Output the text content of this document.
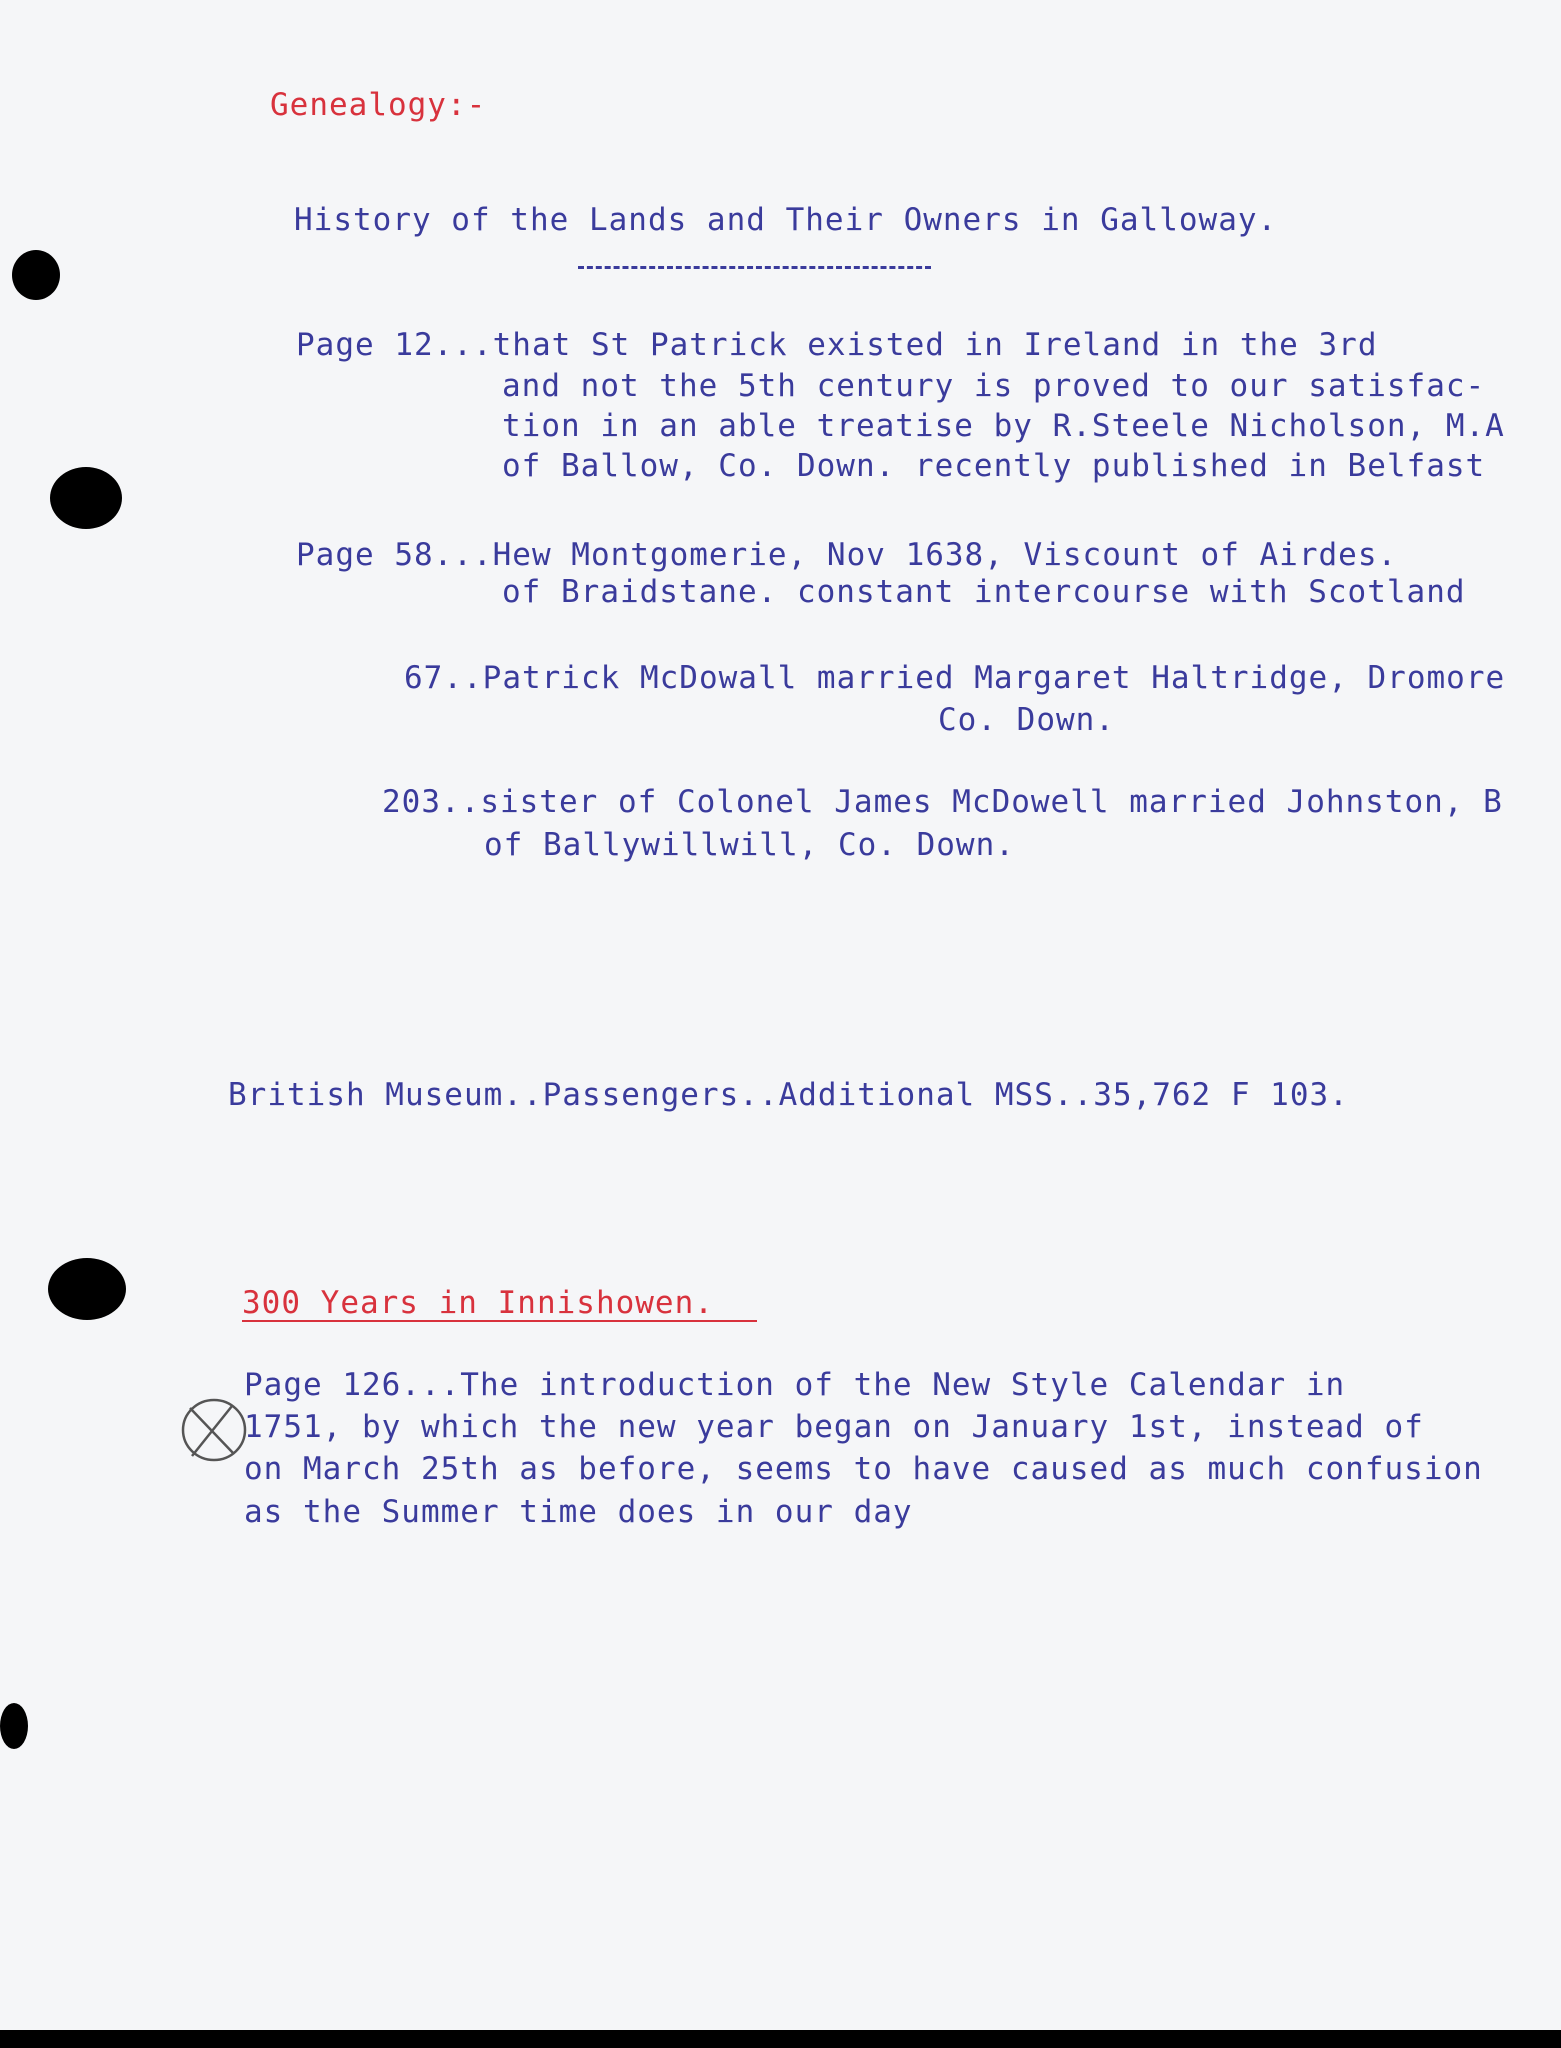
Genealogy:-

History of the Lands and Their Owners in Galloway.

Page 12...that St Patrick existed in Ireland in the 3rd

and not the 5th century is proved to our satisfac-

tion in an able treatise by R.Steele Nicholson, M.A

of Ballow, Co. Down. recently published in Belfast

Page 58...Hew Montgomerie, Nov 1638, Viscount of Airdes.

of Braidstane. constant intercourse with Scotland

67..Patrick McDowall married Margaret Haltridge, Dromore

Co. Down.

203..sister of Colonel James McDowell married Johnston, B

of Ballywillwill, Co. Down.

British Museum..Passengers..Additional MSS..35,762 F 103.

300 Years in Innishowen.

Page 126...The introduction of the New Style Calendar in

1751, by which the new year began on January 1st, instead of

on March 25th as before, seems to have caused as much confusion

as the Summer time does in our day
